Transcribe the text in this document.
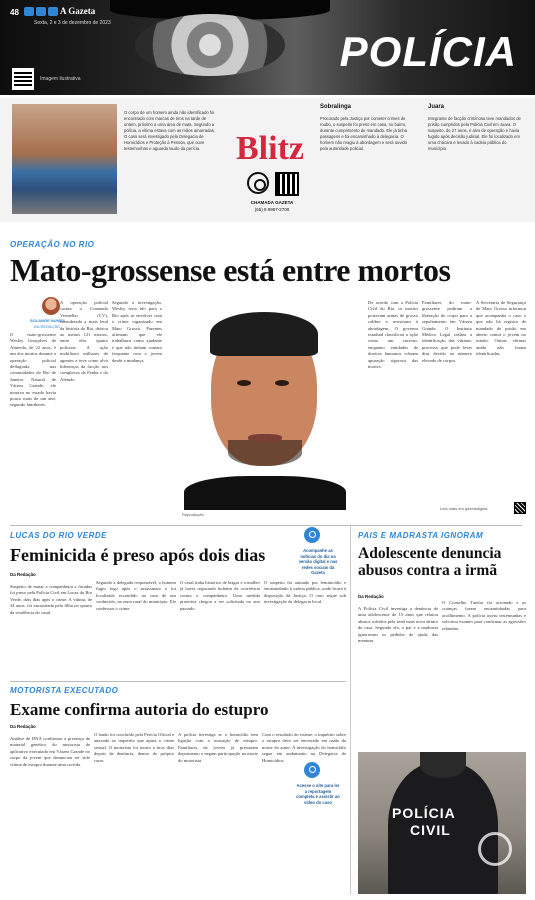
48	A Gazeta
Sexta, 2 e 3 de dezembro de 2023
POLÍCIA
Imagem ilustrativa
O corpo de um homem ainda não identificado foi encontrado com marcas de tiros na tarde de ontem, próximo a uma área de mata. Segundo a polícia, a vítima estava com as mãos amarradas. O caso será investigado pela Delegacia de Homicídios e Proteção à Pessoa, que ouve testemunhas e aguarda laudo da perícia.	Blitz
CHAMADA GAZETA
(65) 9 9987-2700
Sobralinga
Procurado pela Justiça por cometer crimes de roubo, o suspeito foi preso em casa, no bairro, durante cumprimento de mandado. Ele já tinha passagens e foi encaminhado à delegacia. O homem não reagiu à abordagem e será ouvido pela autoridade policial.
Juara
Integrante de facção criminosa teve mandados de prisão cumpridos pela Polícia Civil em Juara. O suspeito, de 27 anos, é alvo de operação e havia fugido após decisão judicial. Ele foi localizado em uma chácara e levado à cadeia pública do município.
OPERAÇÃO NO RIO
Mato-grossense está entre mortos
SOLANGE NUNES
DA REDAÇÃO
O mato-grossense Wesley Gonçalves de Almeida, de 22 anos, é um dos mortos durante a operação policial deflagrada nas comunidades do Rio de Janeiro. Natural de Várzea Grande, ele morava no estado havia pouco mais de um ano, segundo familiares.
A operação policial contra o Comando Vermelho (CV), considerada a mais letal da história do Rio, deixou ao menos 121 mortos, entre eles quatro policiais. A ação mobilizou milhares de agentes e teve como alvo lideranças da facção nos complexos da Penha e do Alemão.
Segundo a investigação, Wesley teria ido para o Rio após se envolver com o crime organizado em Mato Grosso. Parentes afirmam que ele trabalhava como ajudante e que não tinham contato frequente com o jovem desde a mudança.
Reprodução
De acordo com a Polícia Civil do Rio, os mortos portavam armas de grosso calibre e resistiram à abordagem. O governo estadual classificou a ação como um sucesso, enquanto entidades de direitos humanos cobram apuração rigorosa das mortes.
Familiares do mato-grossense pediram a liberação do corpo para o sepultamento em Várzea Grande. O Instituto Médico Legal realiza a identificação das vítimas, processo que pode levar dias devido ao número elevado de corpos.
A Secretaria de Segurança de Mato Grosso informou que acompanha o caso e que não há registro de mandado de prisão em aberto contra o jovem no estado. Outras vítimas ainda não foram identificadas.
Leia mais em gazetadigital
LUCAS DO RIO VERDE
Feminicida é preso após dois dias
Da Redação
Suspeito de matar a companheira a facadas foi preso pela Polícia Civil em Lucas do Rio Verde, dois dias após o crime. A vítima, de 34 anos, foi encontrada pela filha no quarto da residência do casal.
Segundo a delegada responsável, o homem fugiu logo após o assassinato e foi localizado escondido na casa de um conhecido, na zona rural do município. Ele confessou o crime.
O casal tinha histórico de brigas e a mulher já havia registrado boletim de ocorrência contra o companheiro. Uma medida protetiva chegou a ser solicitada no ano passado.
O suspeito foi autuado por feminicídio e encaminhado à cadeia pública, onde ficará à disposição da Justiça. O caso segue sob investigação da delegacia local.
Acompanhe as notícias do dia na versão digital e nas redes sociais da Gazeta
Acesse o site para ler a reportagem completa e assistir ao vídeo do caso
MOTORISTA EXECUTADO
Exame confirma autoria do estupro
Da Redação
Análise de DNA confirmou a presença de material genético do motorista de aplicativo executado em Várzea Grande no corpo da jovem que denunciou ter sido vítima de estupro durante uma corrida.
O laudo foi concluído pela Perícia Oficial e anexado ao inquérito que apura o crime sexual. O motorista foi morto a tiros dias depois da denúncia, dentro do próprio carro.
A polícia investiga se o homicídio tem ligação com a acusação de estupro. Familiares da jovem já prestaram depoimento e negam participação na morte do motorista.
Com o resultado do exame, o inquérito sobre o estupro deve ser encerrado em razão da morte do autor. A investigação do homicídio segue em andamento na Delegacia de Homicídios.
PAIS E MADRASTA IGNORAM
Adolescente denuncia abusos contra a irmã
Da Redação
A Polícia Civil investiga a denúncia de uma adolescente de 15 anos que relatou abusos sofridos pela irmã mais nova dentro de casa. Segundo ela, o pai e a madrasta ignoravam os pedidos de ajuda das meninas.
O Conselho Tutelar foi acionado e as crianças foram encaminhadas para acolhimento. A polícia ouviu testemunhas e solicitou exames para confirmar as agressões relatadas.
POLÍCIA
CIVIL
